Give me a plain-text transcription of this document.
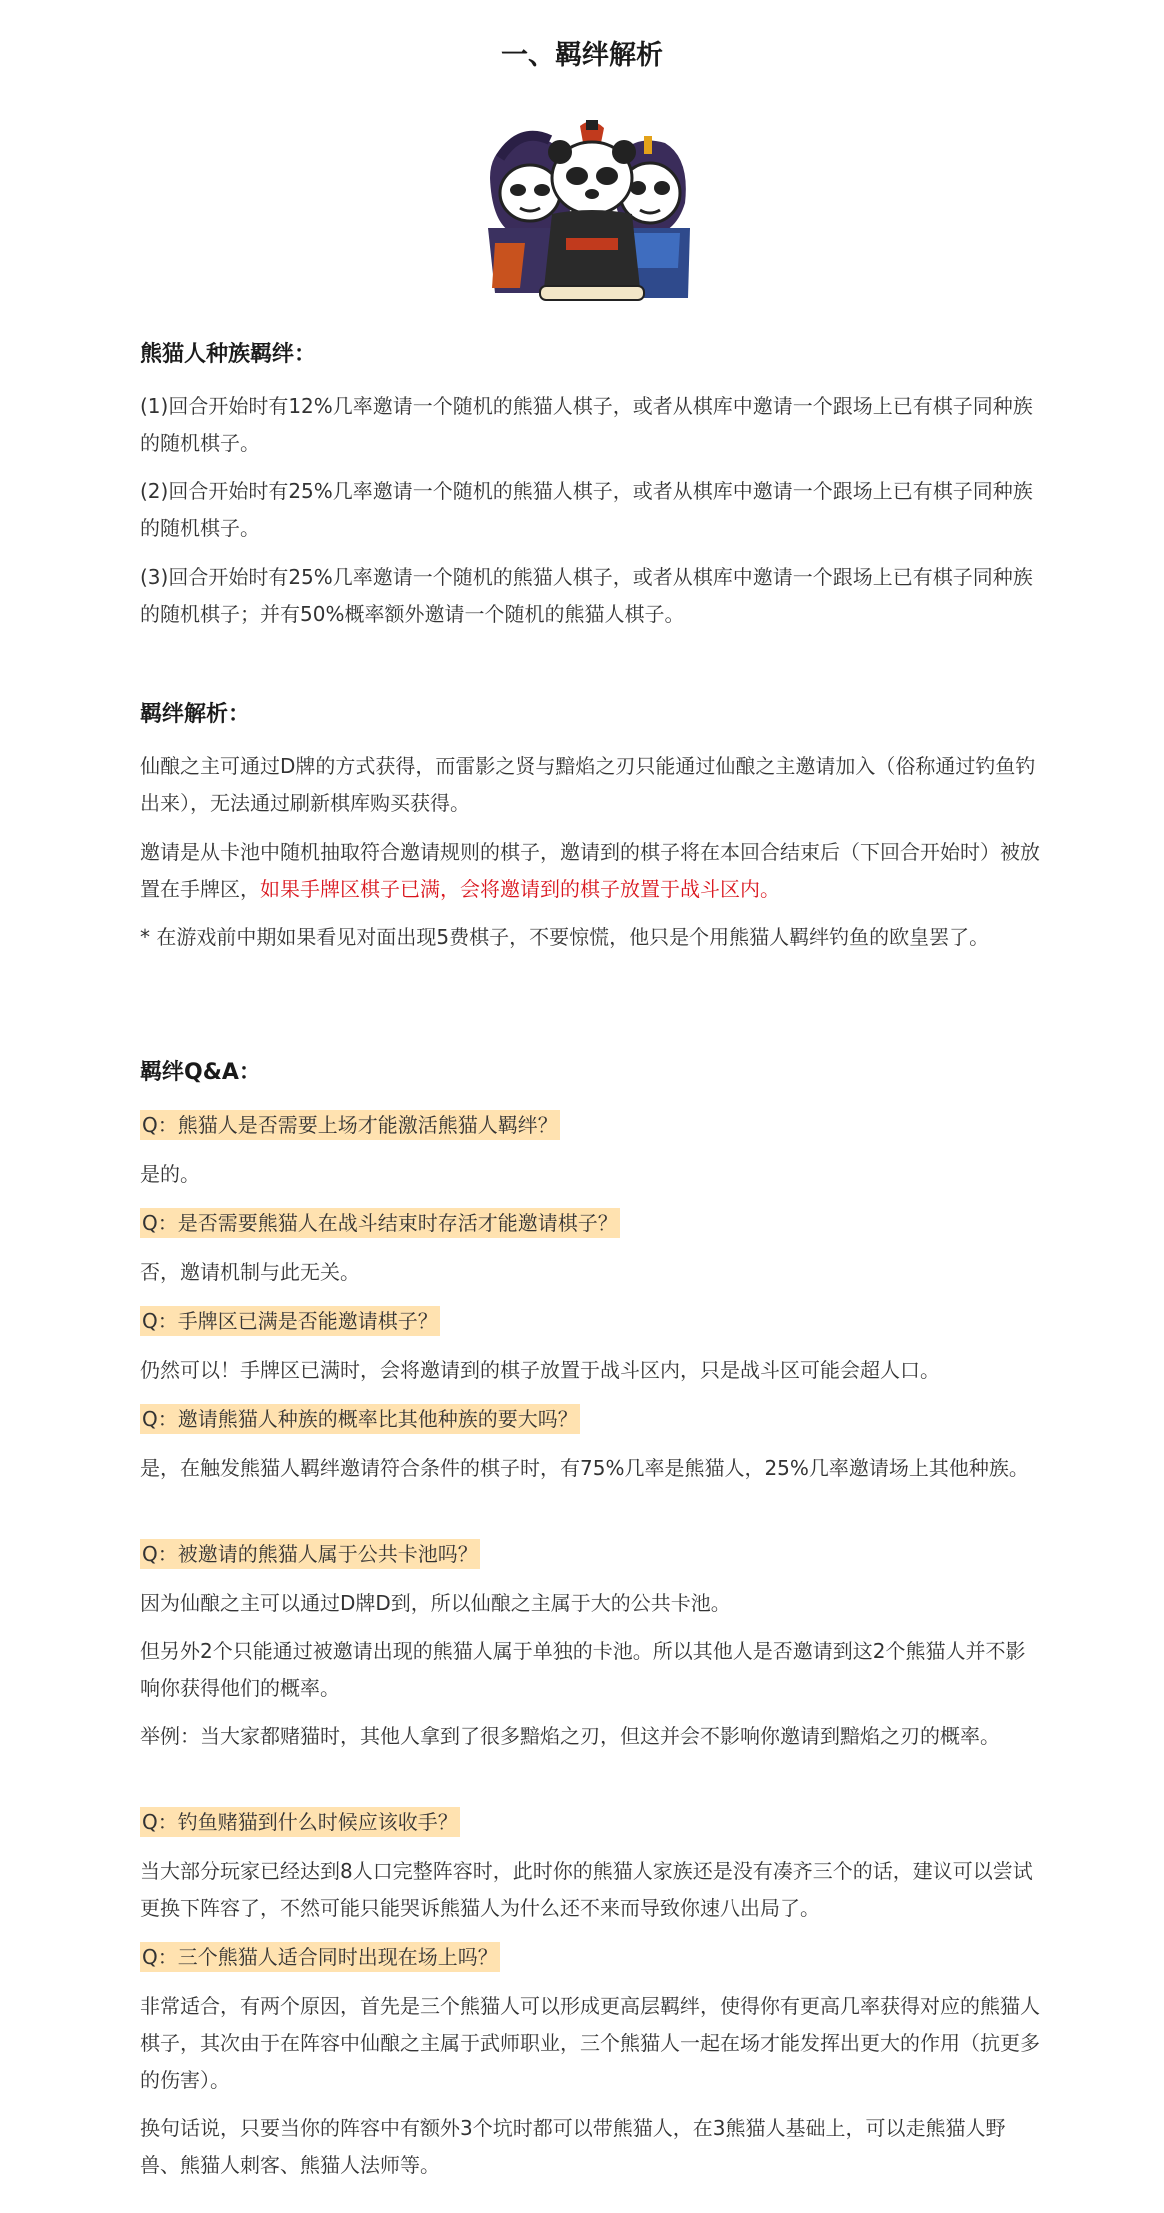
一、羁绊解析
熊猫人种族羁绊：
(1)回合开始时有12%几率邀请一个随机的熊猫人棋子，或者从棋库中邀请一个跟场上已有棋子同种族的随机棋子。
(2)回合开始时有25%几率邀请一个随机的熊猫人棋子，或者从棋库中邀请一个跟场上已有棋子同种族的随机棋子。
(3)回合开始时有25%几率邀请一个随机的熊猫人棋子，或者从棋库中邀请一个跟场上已有棋子同种族的随机棋子；并有50%概率额外邀请一个随机的熊猫人棋子。
羁绊解析：
仙酿之主可通过D牌的方式获得，而雷影之贤与黯焰之刃只能通过仙酿之主邀请加入（俗称通过钓鱼钓出来），无法通过刷新棋库购买获得。
邀请是从卡池中随机抽取符合邀请规则的棋子，邀请到的棋子将在本回合结束后（下回合开始时）被放置在手牌区，如果手牌区棋子已满，会将邀请到的棋子放置于战斗区内。
* 在游戏前中期如果看见对面出现5费棋子，不要惊慌，他只是个用熊猫人羁绊钓鱼的欧皇罢了。
羁绊Q&A：
Q：熊猫人是否需要上场才能激活熊猫人羁绊？
是的。
Q：是否需要熊猫人在战斗结束时存活才能邀请棋子？
否，邀请机制与此无关。
Q：手牌区已满是否能邀请棋子？
仍然可以！手牌区已满时，会将邀请到的棋子放置于战斗区内，只是战斗区可能会超人口。
Q：邀请熊猫人种族的概率比其他种族的要大吗？
是，在触发熊猫人羁绊邀请符合条件的棋子时，有75%几率是熊猫人，25%几率邀请场上其他种族。
Q：被邀请的熊猫人属于公共卡池吗？
因为仙酿之主可以通过D牌D到，所以仙酿之主属于大的公共卡池。
但另外2个只能通过被邀请出现的熊猫人属于单独的卡池。所以其他人是否邀请到这2个熊猫人并不影响你获得他们的概率。
举例：当大家都赌猫时，其他人拿到了很多黯焰之刃，但这并会不影响你邀请到黯焰之刃的概率。
Q：钓鱼赌猫到什么时候应该收手？
当大部分玩家已经达到8人口完整阵容时，此时你的熊猫人家族还是没有凑齐三个的话，建议可以尝试更换下阵容了，不然可能只能哭诉熊猫人为什么还不来而导致你速八出局了。
Q：三个熊猫人适合同时出现在场上吗？
非常适合，有两个原因，首先是三个熊猫人可以形成更高层羁绊，使得你有更高几率获得对应的熊猫人棋子，其次由于在阵容中仙酿之主属于武师职业，三个熊猫人一起在场才能发挥出更大的作用（抗更多的伤害）。
换句话说，只要当你的阵容中有额外3个坑时都可以带熊猫人，在3熊猫人基础上，可以走熊猫人野兽、熊猫人刺客、熊猫人法师等。
